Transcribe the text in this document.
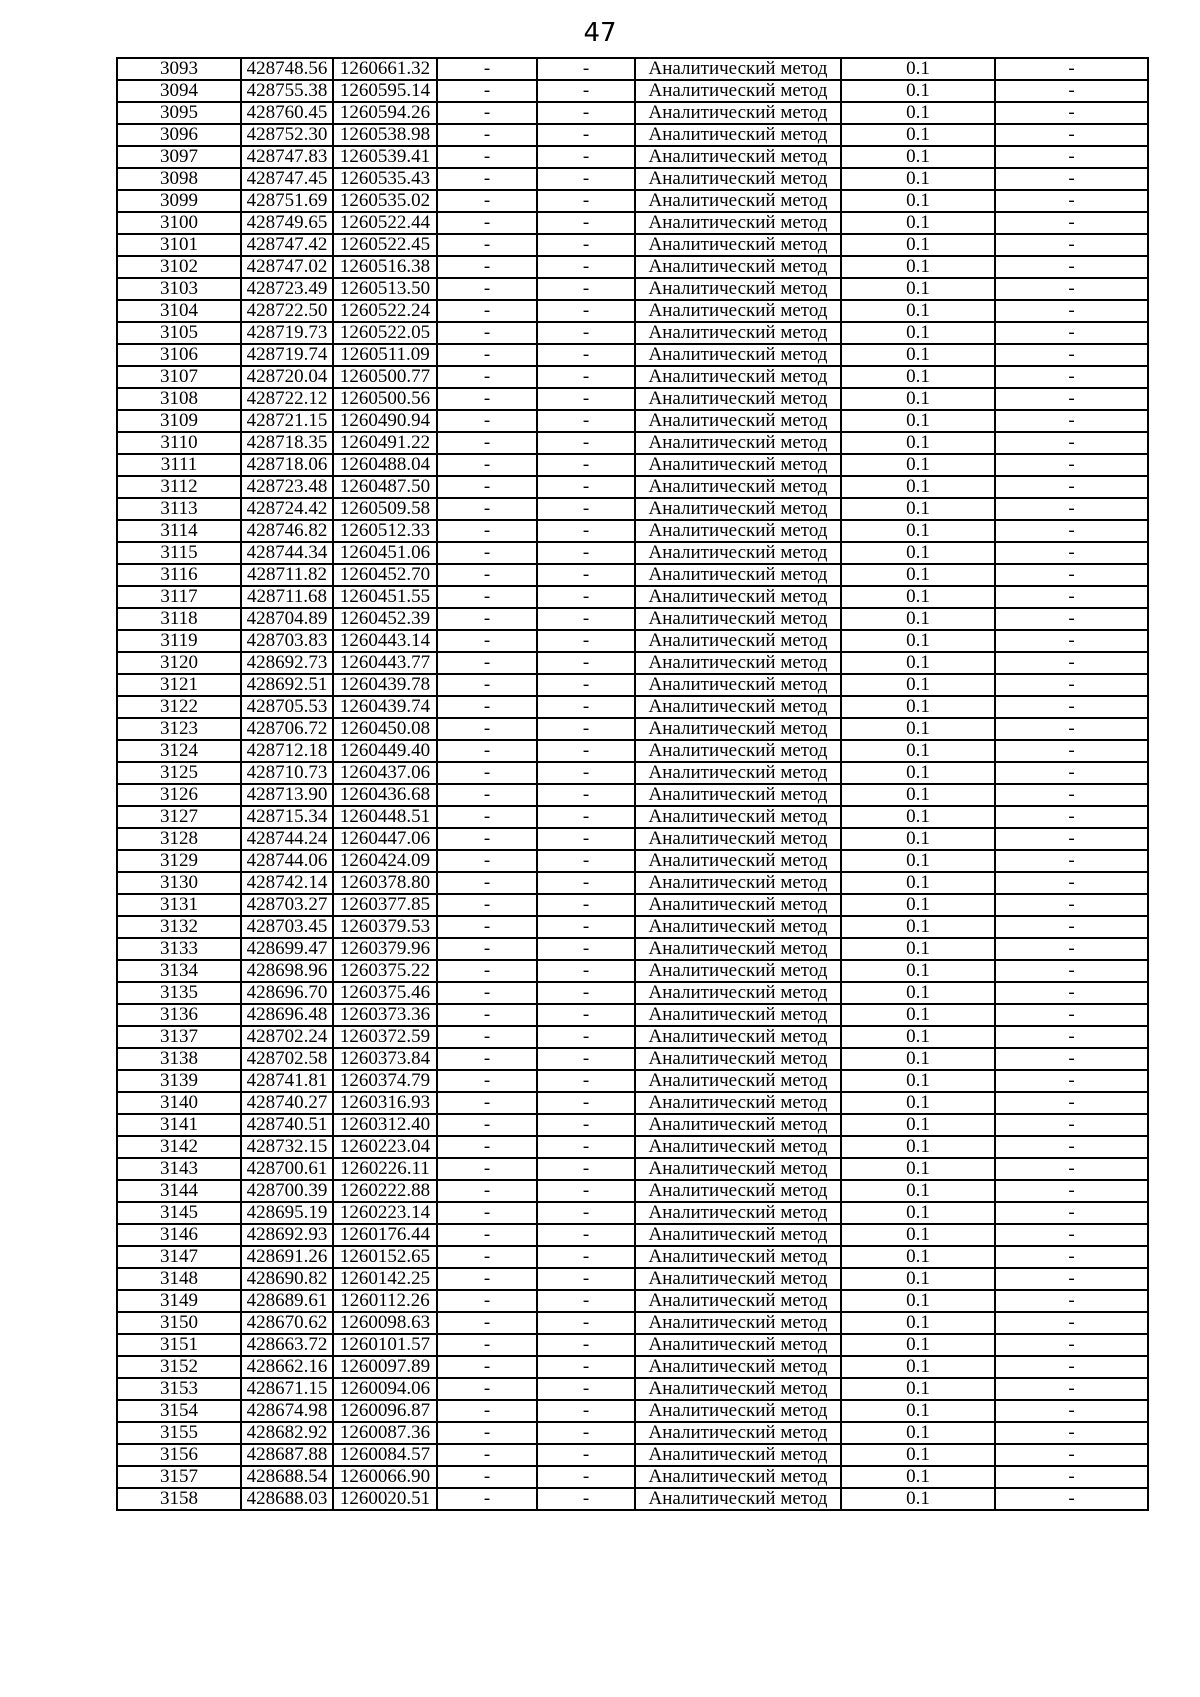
47
3093	428748.56	1260661.32	-	-	Аналитический метод	0.1	-
3094	428755.38	1260595.14	-	-	Аналитический метод	0.1	-
3095	428760.45	1260594.26	-	-	Аналитический метод	0.1	-
3096	428752.30	1260538.98	-	-	Аналитический метод	0.1	-
3097	428747.83	1260539.41	-	-	Аналитический метод	0.1	-
3098	428747.45	1260535.43	-	-	Аналитический метод	0.1	-
3099	428751.69	1260535.02	-	-	Аналитический метод	0.1	-
3100	428749.65	1260522.44	-	-	Аналитический метод	0.1	-
3101	428747.42	1260522.45	-	-	Аналитический метод	0.1	-
3102	428747.02	1260516.38	-	-	Аналитический метод	0.1	-
3103	428723.49	1260513.50	-	-	Аналитический метод	0.1	-
3104	428722.50	1260522.24	-	-	Аналитический метод	0.1	-
3105	428719.73	1260522.05	-	-	Аналитический метод	0.1	-
3106	428719.74	1260511.09	-	-	Аналитический метод	0.1	-
3107	428720.04	1260500.77	-	-	Аналитический метод	0.1	-
3108	428722.12	1260500.56	-	-	Аналитический метод	0.1	-
3109	428721.15	1260490.94	-	-	Аналитический метод	0.1	-
3110	428718.35	1260491.22	-	-	Аналитический метод	0.1	-
3111	428718.06	1260488.04	-	-	Аналитический метод	0.1	-
3112	428723.48	1260487.50	-	-	Аналитический метод	0.1	-
3113	428724.42	1260509.58	-	-	Аналитический метод	0.1	-
3114	428746.82	1260512.33	-	-	Аналитический метод	0.1	-
3115	428744.34	1260451.06	-	-	Аналитический метод	0.1	-
3116	428711.82	1260452.70	-	-	Аналитический метод	0.1	-
3117	428711.68	1260451.55	-	-	Аналитический метод	0.1	-
3118	428704.89	1260452.39	-	-	Аналитический метод	0.1	-
3119	428703.83	1260443.14	-	-	Аналитический метод	0.1	-
3120	428692.73	1260443.77	-	-	Аналитический метод	0.1	-
3121	428692.51	1260439.78	-	-	Аналитический метод	0.1	-
3122	428705.53	1260439.74	-	-	Аналитический метод	0.1	-
3123	428706.72	1260450.08	-	-	Аналитический метод	0.1	-
3124	428712.18	1260449.40	-	-	Аналитический метод	0.1	-
3125	428710.73	1260437.06	-	-	Аналитический метод	0.1	-
3126	428713.90	1260436.68	-	-	Аналитический метод	0.1	-
3127	428715.34	1260448.51	-	-	Аналитический метод	0.1	-
3128	428744.24	1260447.06	-	-	Аналитический метод	0.1	-
3129	428744.06	1260424.09	-	-	Аналитический метод	0.1	-
3130	428742.14	1260378.80	-	-	Аналитический метод	0.1	-
3131	428703.27	1260377.85	-	-	Аналитический метод	0.1	-
3132	428703.45	1260379.53	-	-	Аналитический метод	0.1	-
3133	428699.47	1260379.96	-	-	Аналитический метод	0.1	-
3134	428698.96	1260375.22	-	-	Аналитический метод	0.1	-
3135	428696.70	1260375.46	-	-	Аналитический метод	0.1	-
3136	428696.48	1260373.36	-	-	Аналитический метод	0.1	-
3137	428702.24	1260372.59	-	-	Аналитический метод	0.1	-
3138	428702.58	1260373.84	-	-	Аналитический метод	0.1	-
3139	428741.81	1260374.79	-	-	Аналитический метод	0.1	-
3140	428740.27	1260316.93	-	-	Аналитический метод	0.1	-
3141	428740.51	1260312.40	-	-	Аналитический метод	0.1	-
3142	428732.15	1260223.04	-	-	Аналитический метод	0.1	-
3143	428700.61	1260226.11	-	-	Аналитический метод	0.1	-
3144	428700.39	1260222.88	-	-	Аналитический метод	0.1	-
3145	428695.19	1260223.14	-	-	Аналитический метод	0.1	-
3146	428692.93	1260176.44	-	-	Аналитический метод	0.1	-
3147	428691.26	1260152.65	-	-	Аналитический метод	0.1	-
3148	428690.82	1260142.25	-	-	Аналитический метод	0.1	-
3149	428689.61	1260112.26	-	-	Аналитический метод	0.1	-
3150	428670.62	1260098.63	-	-	Аналитический метод	0.1	-
3151	428663.72	1260101.57	-	-	Аналитический метод	0.1	-
3152	428662.16	1260097.89	-	-	Аналитический метод	0.1	-
3153	428671.15	1260094.06	-	-	Аналитический метод	0.1	-
3154	428674.98	1260096.87	-	-	Аналитический метод	0.1	-
3155	428682.92	1260087.36	-	-	Аналитический метод	0.1	-
3156	428687.88	1260084.57	-	-	Аналитический метод	0.1	-
3157	428688.54	1260066.90	-	-	Аналитический метод	0.1	-
3158	428688.03	1260020.51	-	-	Аналитический метод	0.1	-
